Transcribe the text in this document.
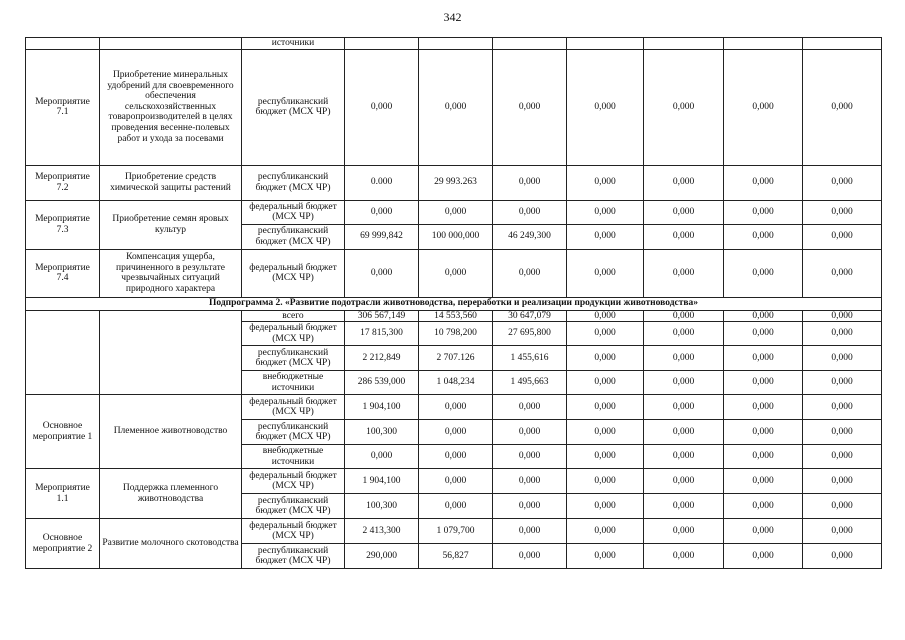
342
		источники							
Мероприятие 7.1	Приобретение минеральных удобрений для своевременного обеспечения сельскохозяйственных товаропроизводителей в целях проведения весенне-полевых работ и ухода за посевами	республиканский бюджет (МСХ ЧР)	0,000	0,000	0,000	0,000	0,000	0,000	0,000
Мероприятие 7.2	Приобретение средств химической защиты растений	республиканский бюджет (МСХ ЧР)	0.000	29 993.263	0,000	0,000	0,000	0,000	0,000
Мероприятие 7.3	Приобретение семян яровых культур	федеральный бюджет (МСХ ЧР)	0,000	0,000	0,000	0,000	0,000	0,000	0,000
		республиканский бюджет (МСХ ЧР)	69 999,842	100 000,000	46 249,300	0,000	0,000	0,000	0,000
Мероприятие 7.4	Компенсация ущерба, причиненного в результате чрезвычайных ситуаций природного характера	федеральный бюджет (МСХ ЧР)	0,000	0,000	0,000	0,000	0,000	0,000	0,000
Подпрограмма 2. «Развитие подотрасли животноводства, переработки и реализации продукции животноводства»									
		всего	306 567,149	14 553,560	30 647,079	0,000	0,000	0,000	0,000
		федеральный бюджет (МСХ ЧР)	17 815,300	10 798,200	27 695,800	0,000	0,000	0,000	0,000
		республиканский бюджет (МСХ ЧР)	2 212,849	2 707.126	1 455,616	0,000	0,000	0,000	0,000
		внебюджетные источники	286 539,000	1 048,234	1 495,663	0,000	0,000	0,000	0,000
Основное мероприятие 1	Племенное животноводство	федеральный бюджет (МСХ ЧР)	1 904,100	0,000	0,000	0,000	0,000	0,000	0,000
		республиканский бюджет (МСХ ЧР)	100,300	0,000	0,000	0,000	0,000	0,000	0,000
		внебюджетные источники	0,000	0,000	0,000	0,000	0,000	0,000	0,000
Мероприятие 1.1	Поддержка племенного животноводства	федеральный бюджет (МСХ ЧР)	1 904,100	0,000	0,000	0,000	0,000	0,000	0,000
		республиканский бюджет (МСХ ЧР)	100,300	0,000	0,000	0,000	0,000	0,000	0,000
Основное мероприятие 2	Развитие молочного скотоводства	федеральный бюджет (МСХ ЧР)	2 413,300	1 079,700	0,000	0,000	0,000	0,000	0,000
		республиканский бюджет (МСХ ЧР)	290,000	56,827	0,000	0,000	0,000	0,000	0,000
